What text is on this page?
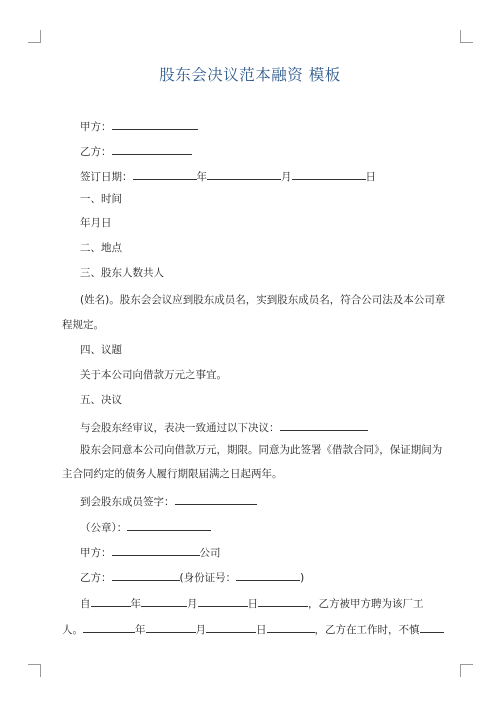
股东会决议范本融资 模板
甲方：
乙方：
签订日期：	年	月	日
一、时间
年月日
二、地点
三、股东人数共人
(姓名)。股东会会议应到股东成员名，实到股东成员名，符合公司法及本公司章
程规定。
四、议题
关于本公司向借款万元之事宜。
五、决议
与会股东经审议，表决一致通过以下决议：
股东会同意本公司向借款万元，期限。同意为此签署《借款合同》，保证期间为
主合同约定的债务人履行期限届满之日起两年。
到会股东成员签字：
（公章）：
甲方：	公司
乙方：	(身份证号：	)
自	年	月	日	，乙方被甲方聘为该厂工
人。	年	月	日	，乙方在工作时，不慎
